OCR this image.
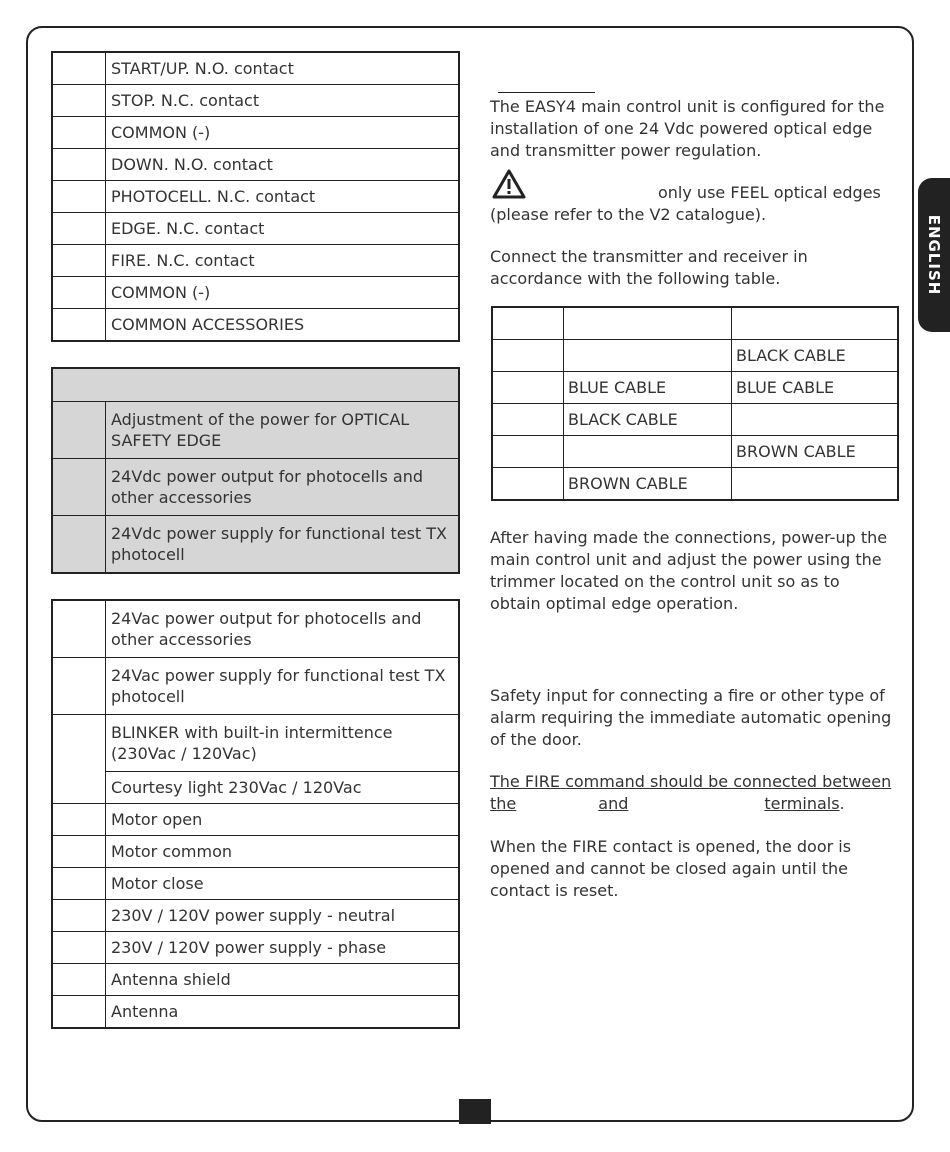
ENGLISH
	START/UP. N.O. contact
	STOP. N.C. contact
	COMMON (-)
	DOWN. N.O. contact
	PHOTOCELL. N.C. contact
	EDGE. N.C. contact
	FIRE. N.C. contact
	COMMON (-)
	COMMON ACCESSORIES

	Adjustment of the power for OPTICAL SAFETY EDGE
	24Vdc power output for photocells and other accessories
	24Vdc power supply for functional test TX photocell
	24Vac power output for photocells and other accessories
	24Vac power supply for functional test TX photocell
	BLINKER with built-in intermittence (230Vac / 120Vac)
	Courtesy light 230Vac / 120Vac
	Motor open
	Motor common
	Motor close
	230V / 120V power supply - neutral
	230V / 120V power supply - phase
	Antenna shield
	Antenna

The EASY4 main control unit is configured for the installation of one 24 Vdc powered optical edge and transmitter power regulation.

only use FEEL optical edges (please refer to the V2 catalogue).

Connect the transmitter and receiver in accordance with the following table.

		BLACK CABLE
	BLUE CABLE	BLUE CABLE
	BLACK CABLE	
		BROWN CABLE
	BROWN CABLE	

After having made the connections, power-up the main control unit and adjust the power using the trimmer located on the control unit so as to obtain optimal edge operation.

Safety input for connecting a fire or other type of alarm requiring the immediate automatic opening of the door.

The FIRE command should be connected between
the	and	terminals.

When the FIRE contact is opened, the door is opened and cannot be closed again until the contact is reset.
